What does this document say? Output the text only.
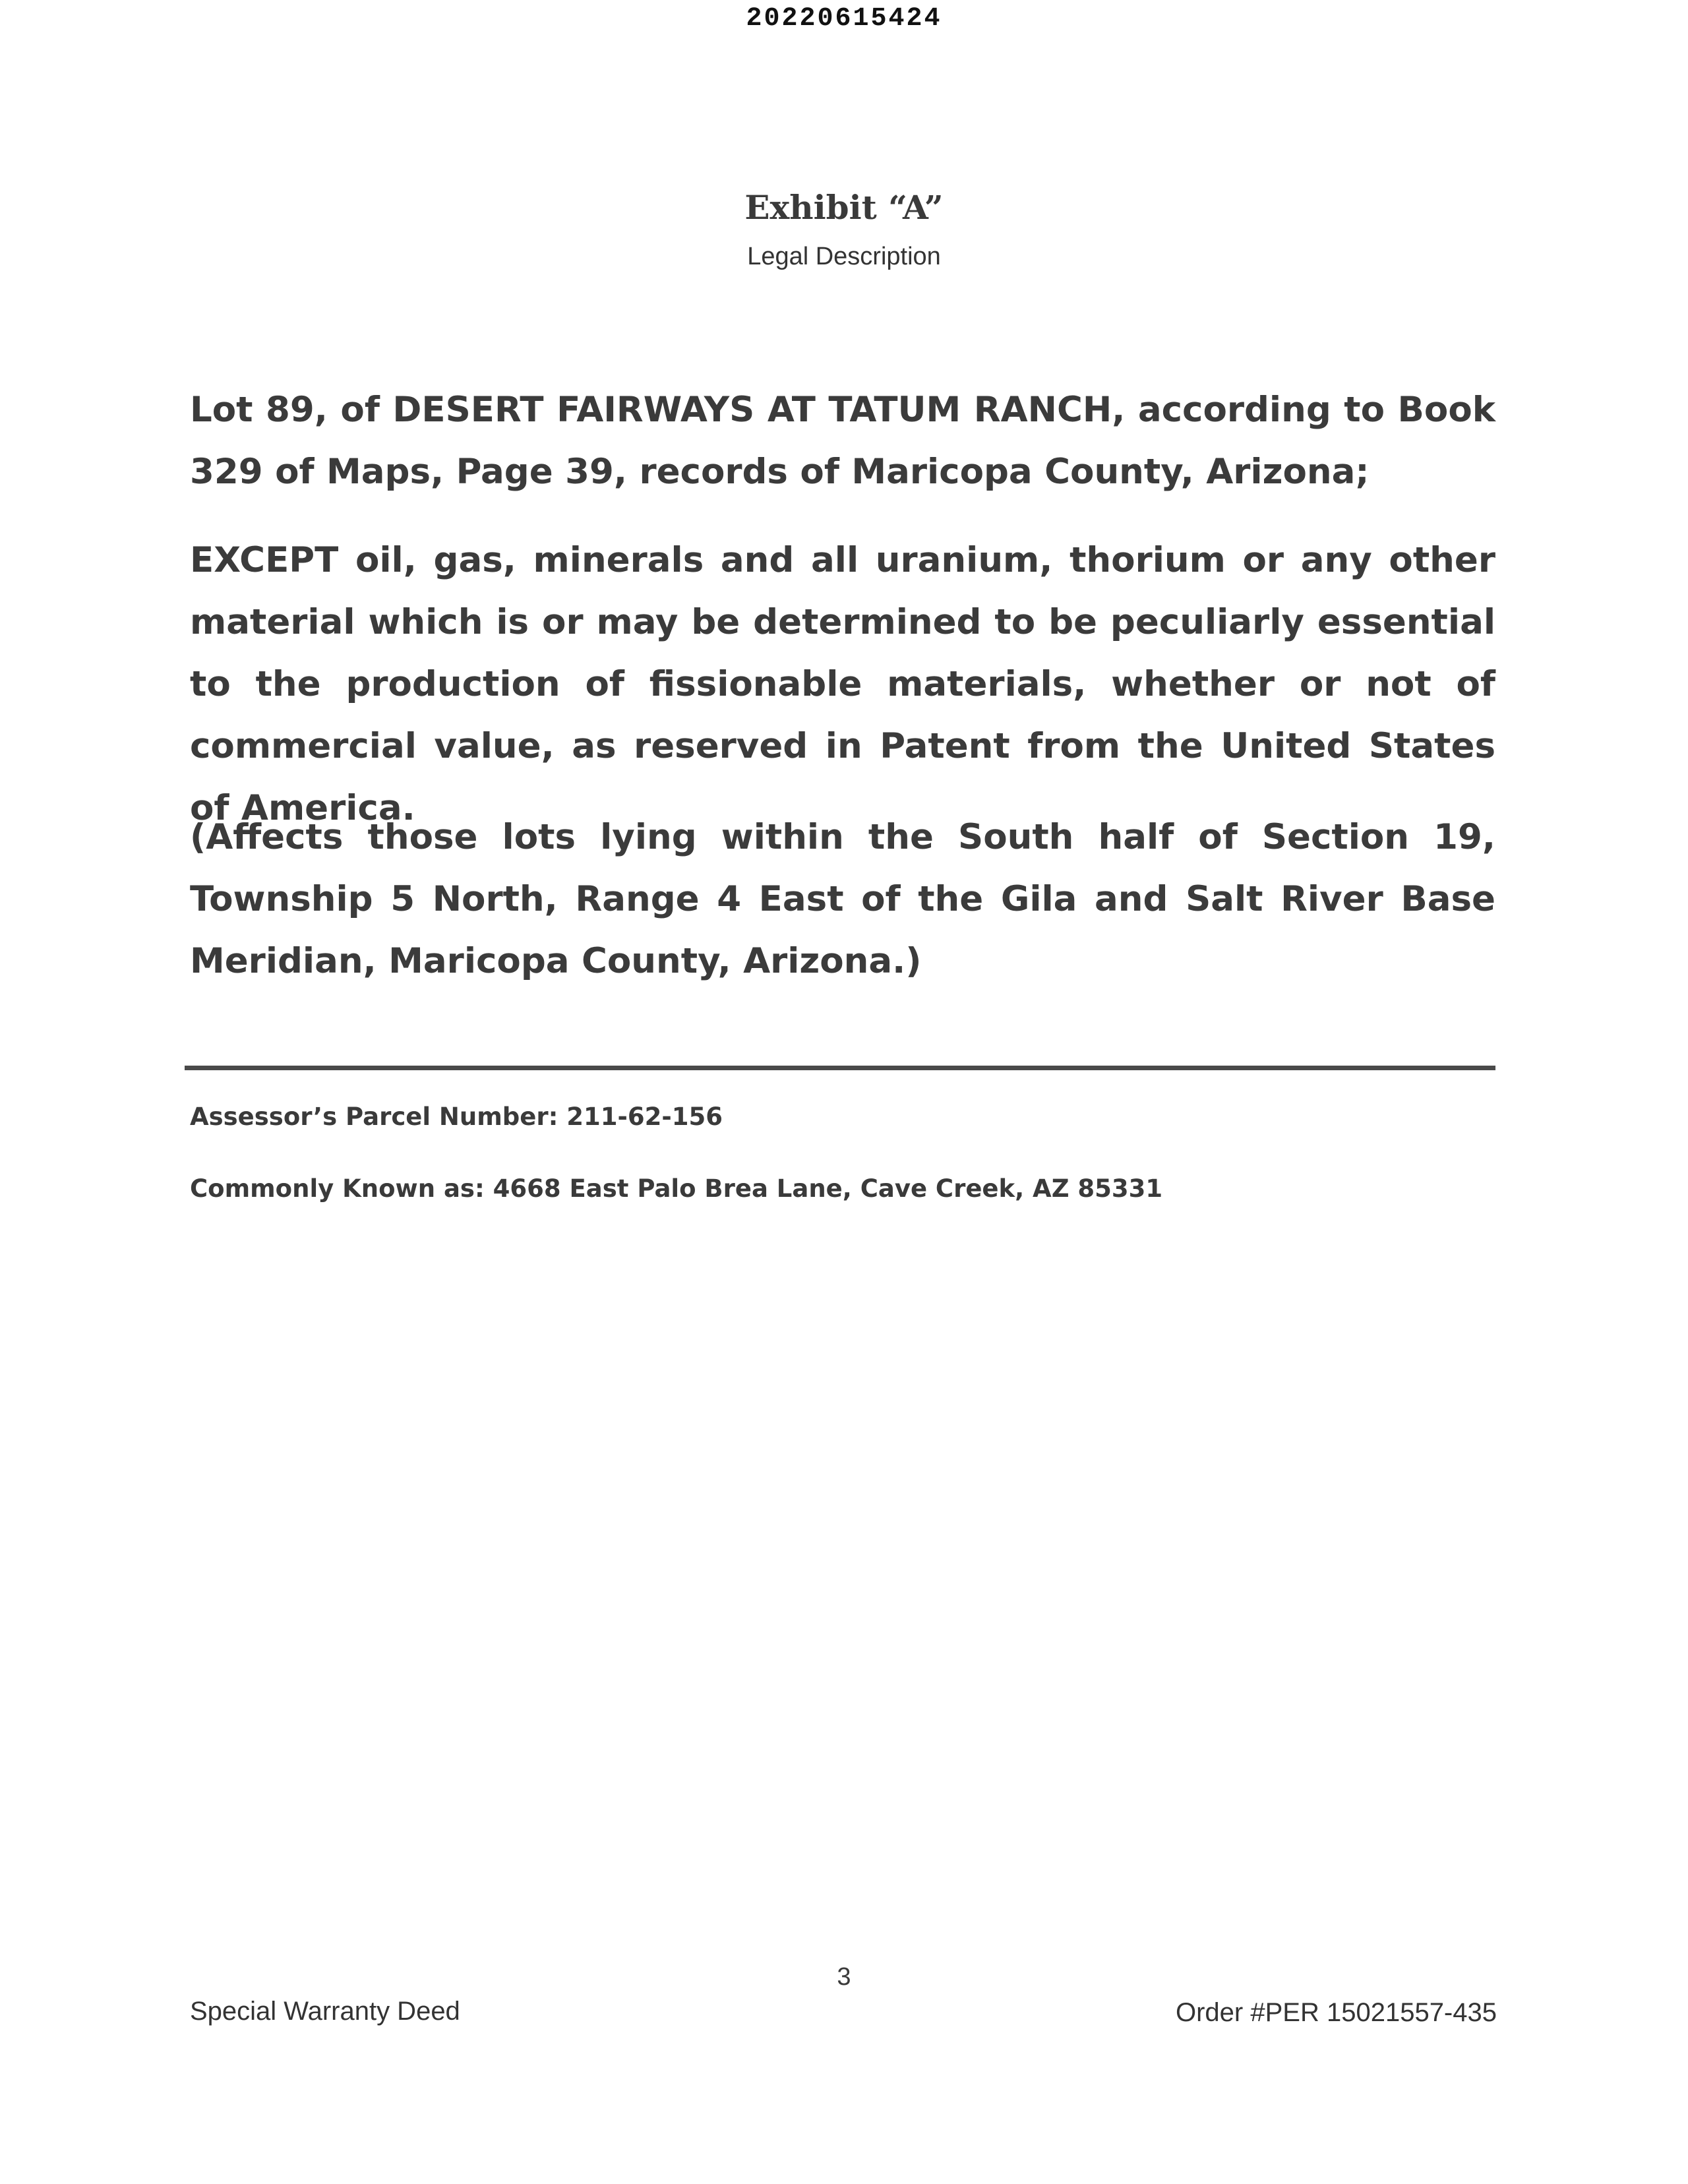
20220615424
Exhibit “A”
Legal Description

Lot 89, of DESERT FAIRWAYS AT TATUM RANCH, according to Book 329 of Maps, Page 39, records of Maricopa County, Arizona;

EXCEPT oil, gas, minerals and all uranium, thorium or any other material which is or may be determined to be peculiarly essential to the production of fissionable materials, whether or not of commercial value, as reserved in Patent from the United States of America.

(Affects those lots lying within the South half of Section 19, Township 5 North, Range 4 East of the Gila and Salt River Base Meridian, Maricopa County, Arizona.)

Assessor’s Parcel Number: 211-62-156
Commonly Known as: 4668 East Palo Brea Lane, Cave Creek, AZ 85331
3
Special Warranty Deed	Order #PER 15021557-435
